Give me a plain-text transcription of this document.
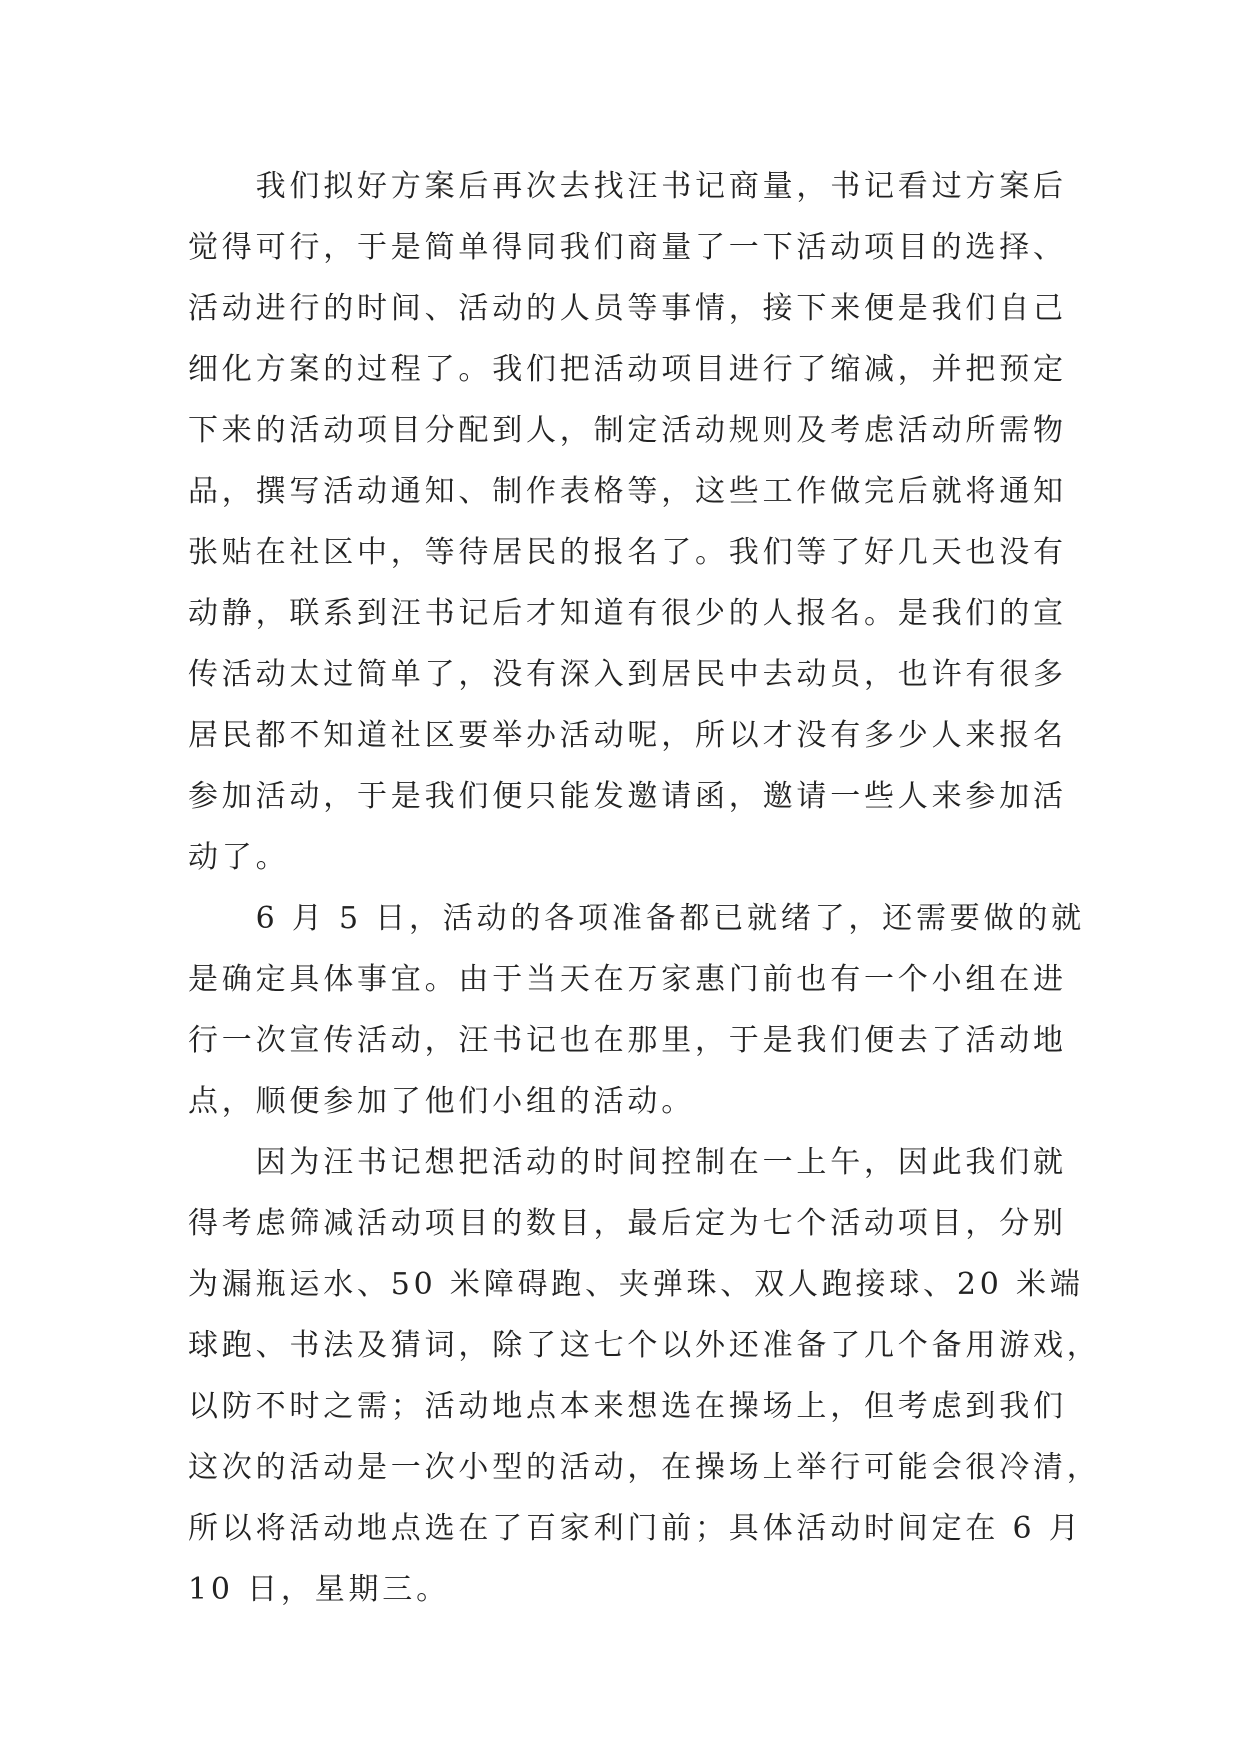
　　我们拟好方案后再次去找汪书记商量，书记看过方案后
觉得可行，于是简单得同我们商量了一下活动项目的选择、
活动进行的时间、活动的人员等事情，接下来便是我们自己
细化方案的过程了。我们把活动项目进行了缩减，并把预定
下来的活动项目分配到人，制定活动规则及考虑活动所需物
品，撰写活动通知、制作表格等，这些工作做完后就将通知
张贴在社区中，等待居民的报名了。我们等了好几天也没有
动静，联系到汪书记后才知道有很少的人报名。是我们的宣
传活动太过简单了，没有深入到居民中去动员，也许有很多
居民都不知道社区要举办活动呢，所以才没有多少人来报名
参加活动，于是我们便只能发邀请函，邀请一些人来参加活
动了。
　　6 月 5 日，活动的各项准备都已就绪了，还需要做的就
是确定具体事宜。由于当天在万家惠门前也有一个小组在进
行一次宣传活动，汪书记也在那里，于是我们便去了活动地
点，顺便参加了他们小组的活动。
　　因为汪书记想把活动的时间控制在一上午，因此我们就
得考虑筛减活动项目的数目，最后定为七个活动项目，分别
为漏瓶运水、50 米障碍跑、夹弹珠、双人跑接球、20 米端
球跑、书法及猜词，除了这七个以外还准备了几个备用游戏，
以防不时之需；活动地点本来想选在操场上，但考虑到我们
这次的活动是一次小型的活动，在操场上举行可能会很冷清，
所以将活动地点选在了百家利门前；具体活动时间定在 6 月
10 日，星期三。
